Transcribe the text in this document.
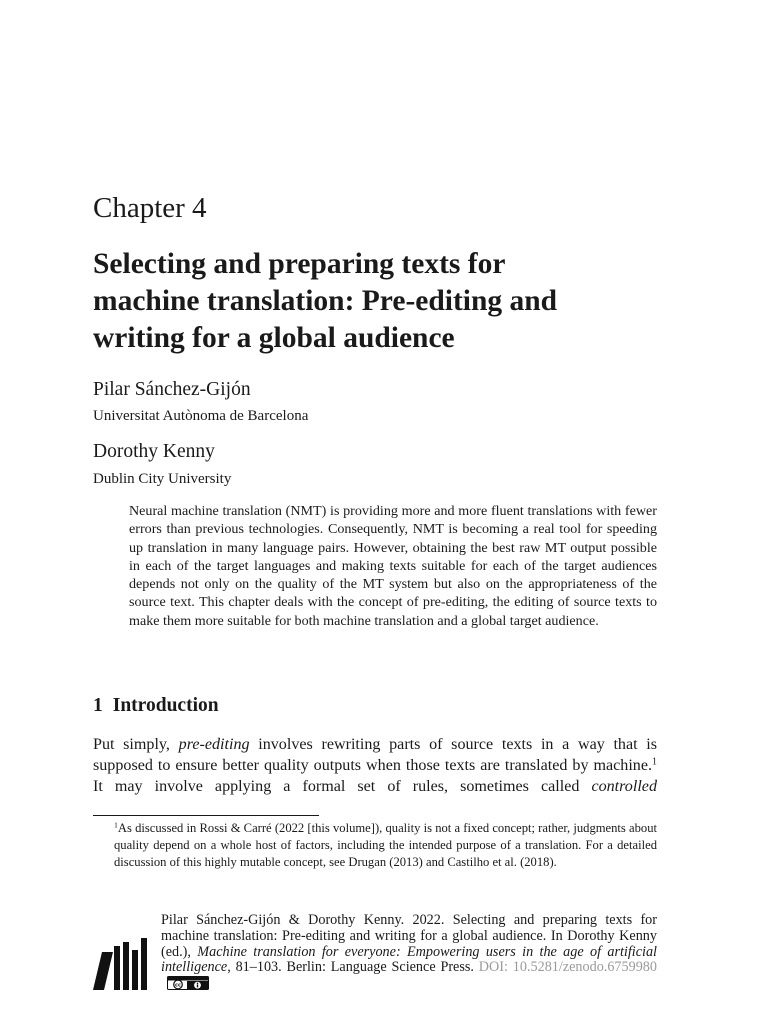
Chapter 4
Selecting and preparing texts for
machine translation: Pre-editing and
writing for a global audience

Pilar Sánchez-Gijón

Universitat Autònoma de Barcelona

Dorothy Kenny

Dublin City University

Neural machine translation (NMT) is providing more and more fluent translations with fewer errors than previous technologies. Consequently, NMT is becoming a real tool for speeding up translation in many language pairs. However, obtaining the best raw MT output possible in each of the target languages and making texts suitable for each of the target audiences depends not only on the quality of the MT system but also on the appropriateness of the source text. This chapter deals with the concept of pre-editing, the editing of source texts to make them more suitable for both machine translation and a global target audience.

1 Introduction

Put simply, pre-editing involves rewriting parts of source texts in a way that is supposed to ensure better quality outputs when those texts are translated by machine.$^1$ It may involve applying a formal set of rules, sometimes called controlled

$^1$As discussed in Rossi & Carré (2022 [this volume]), quality is not a fixed concept; rather, judgments about quality depend on a whole host of factors, including the intended purpose of a translation. For a detailed discussion of this highly mutable concept, see Drugan (2013) and Castilho et al. (2018).

Pilar Sánchez-Gijón & Dorothy Kenny. 2022. Selecting and preparing texts for machine translation: Pre-editing and writing for a global audience. In Dorothy Kenny (ed.), Machine translation for everyone: Empowering users in the age of artificial intelligence, 81–103. Berlin: Language Science Press. DOI: 10.5281/zenodo.6759980
cc
